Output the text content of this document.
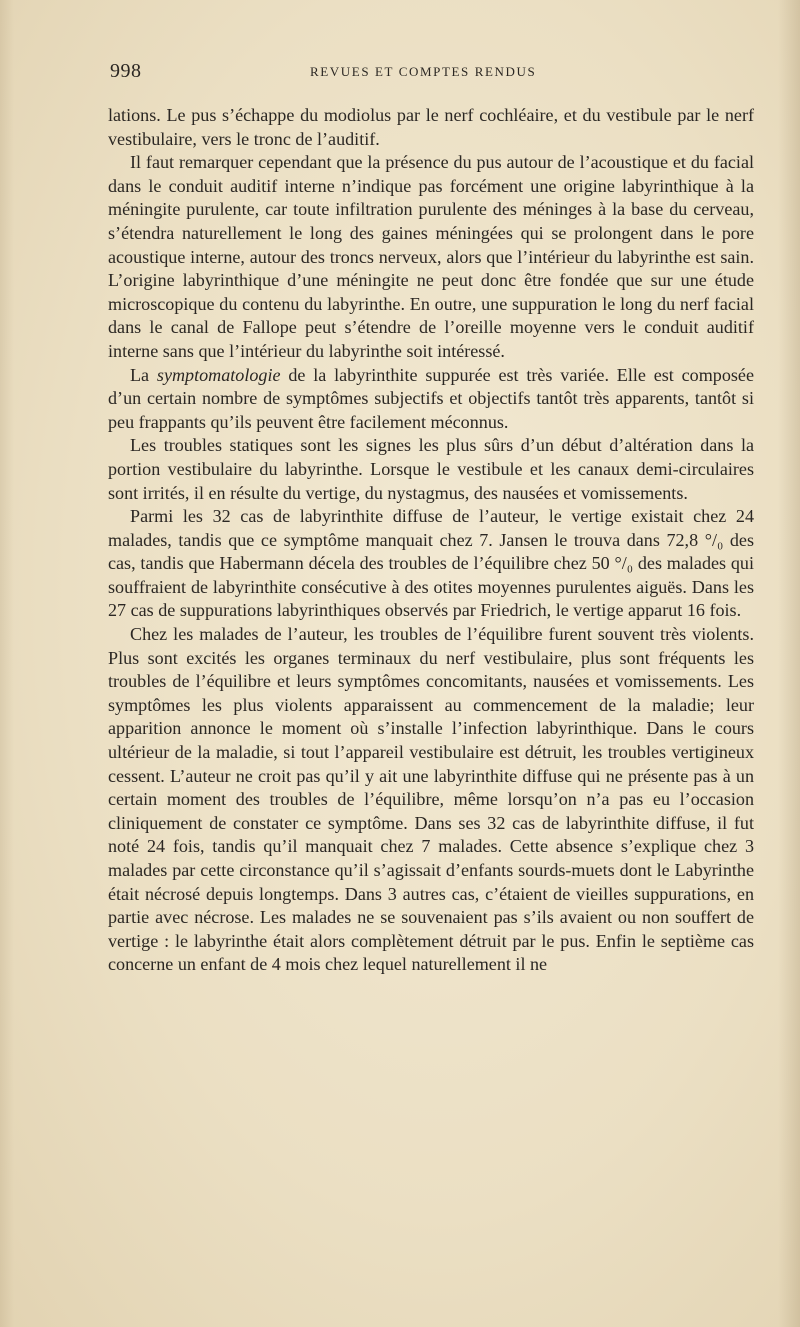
998	REVUES ET COMPTES RENDUS

lations. Le pus s’échappe du modiolus par le nerf cochléaire, et du vestibule par le nerf vestibulaire, vers le tronc de l’auditif.

Il faut remarquer cependant que la présence du pus autour de l’acoustique et du facial dans le conduit auditif interne n’indique pas forcément une origine labyrinthique à la méningite purulente, car toute infiltration purulente des méninges à la base du cerveau, s’étendra naturellement le long des gaines méningées qui se prolongent dans le pore acoustique interne, autour des troncs nerveux, alors que l’intérieur du labyrinthe est sain. L’origine labyrinthique d’une méningite ne peut donc être fondée que sur une étude microscopique du contenu du labyrinthe. En outre, une suppuration le long du nerf facial dans le canal de Fallope peut s’étendre de l’oreille moyenne vers le conduit auditif interne sans que l’intérieur du labyrinthe soit intéressé.

La symptomatologie de la labyrinthite suppurée est très variée. Elle est composée d’un certain nombre de symptômes subjectifs et objectifs tantôt très apparents, tantôt si peu frappants qu’ils peuvent être facilement méconnus.

Les troubles statiques sont les signes les plus sûrs d’un début d’altération dans la portion vestibulaire du labyrinthe. Lorsque le vestibule et les canaux demi-circulaires sont irrités, il en résulte du vertige, du nystagmus, des nausées et vomissements.

Parmi les 32 cas de labyrinthite diffuse de l’auteur, le vertige existait chez 24 malades, tandis que ce symptôme manquait chez 7. Jansen le trouva dans 72,8 °/₀ des cas, tandis que Habermann décela des troubles de l’équilibre chez 50 °/₀ des malades qui souffraient de labyrinthite consécutive à des otites moyennes purulentes aiguës. Dans les 27 cas de suppurations labyrinthiques observés par Friedrich, le vertige apparut 16 fois.

Chez les malades de l’auteur, les troubles de l’équilibre furent souvent très violents. Plus sont excités les organes terminaux du nerf vestibulaire, plus sont fréquents les troubles de l’équilibre et leurs symptômes concomitants, nausées et vomissements. Les symptômes les plus violents apparaissent au commencement de la maladie; leur apparition annonce le moment où s’installe l’infection labyrinthique. Dans le cours ultérieur de la maladie, si tout l’appareil vestibulaire est détruit, les troubles vertigineux cessent. L’auteur ne croit pas qu’il y ait une labyrinthite diffuse qui ne présente pas à un certain moment des troubles de l’équilibre, même lorsqu’on n’a pas eu l’occasion cliniquement de constater ce symptôme. Dans ses 32 cas de labyrinthite diffuse, il fut noté 24 fois, tandis qu’il manquait chez 7 malades. Cette absence s’explique chez 3 malades par cette circonstance qu’il s’agissait d’enfants sourds-muets dont le Labyrinthe était nécrosé depuis longtemps. Dans 3 autres cas, c’étaient de vieilles suppurations, en partie avec nécrose. Les malades ne se souvenaient pas s’ils avaient ou non souffert de vertige : le labyrinthe était alors complètement détruit par le pus. Enfin le septième cas concerne un enfant de 4 mois chez lequel naturellement il ne
